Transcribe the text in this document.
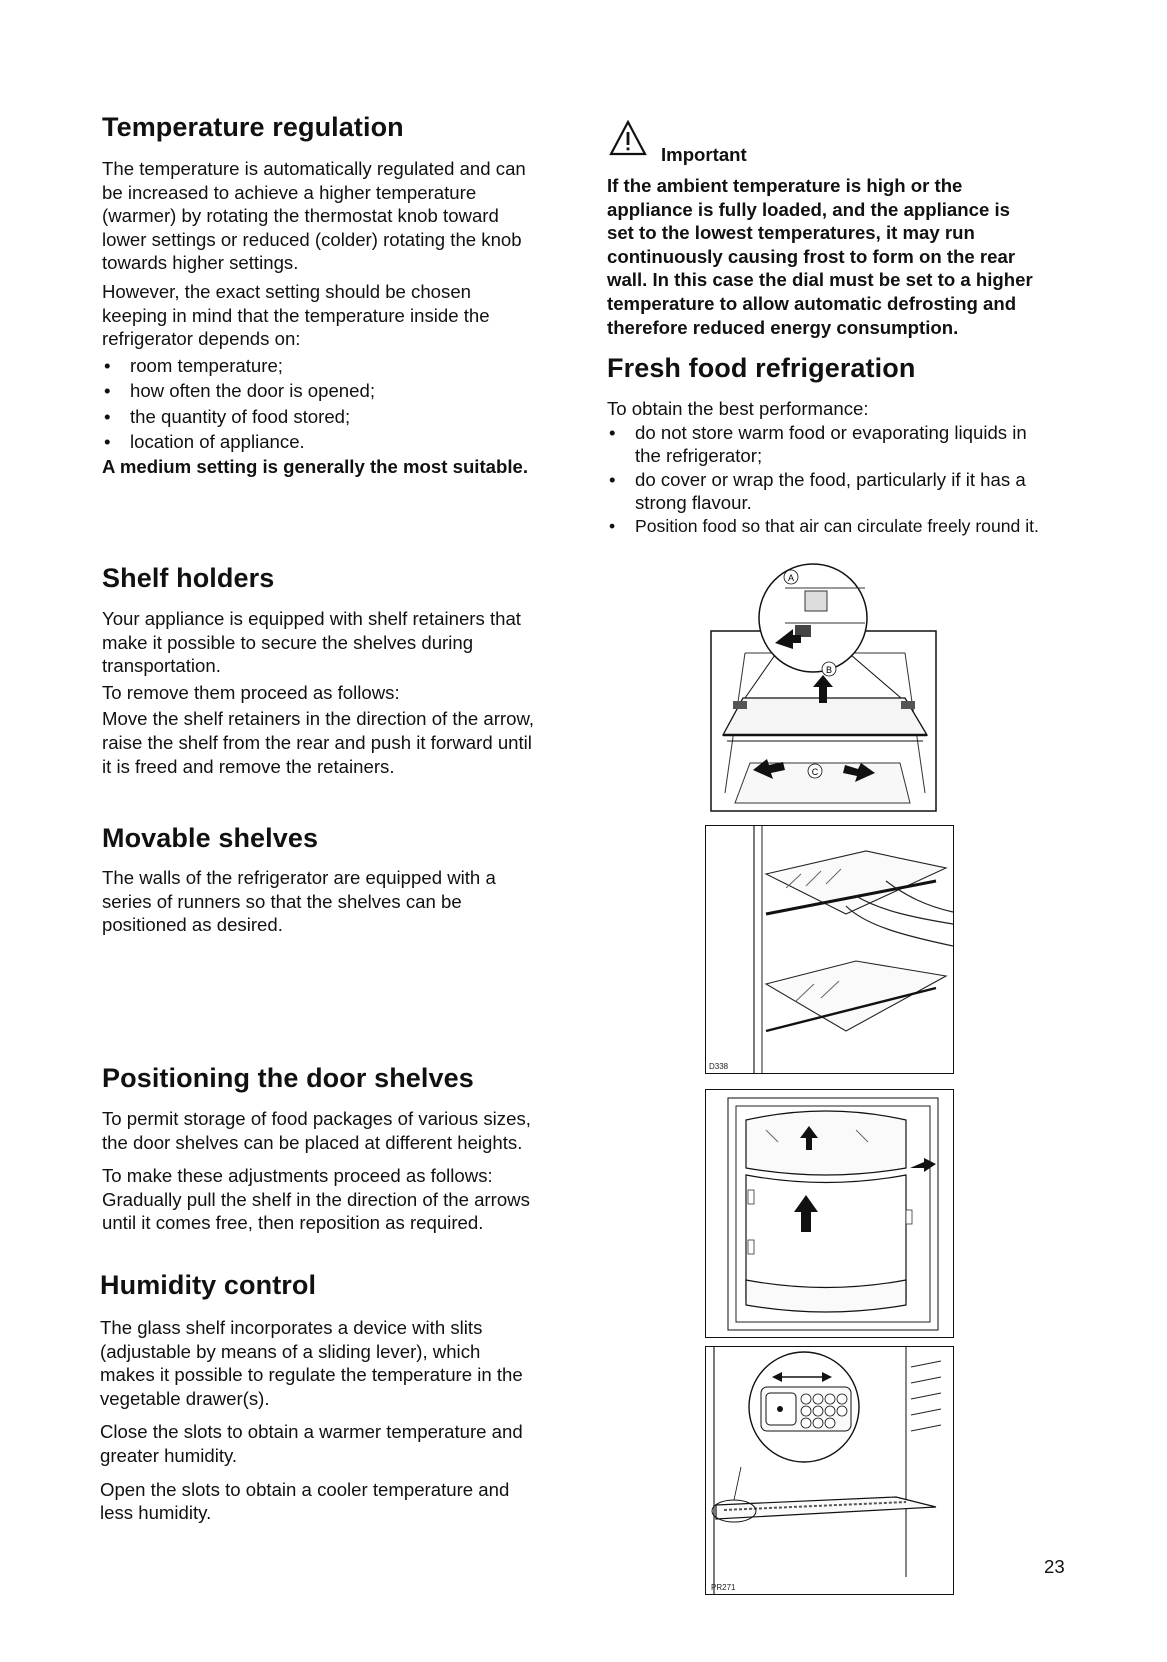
Temperature regulation

The temperature is automatically regulated and can
be increased to achieve a higher temperature
(warmer) by rotating the thermostat knob toward
lower settings or reduced (colder) rotating the knob
towards higher settings.

However, the exact setting should be chosen
keeping in mind that the temperature inside the
refrigerator depends on:

• room temperature;
• how often the door is opened;
• the quantity of food stored;
• location of appliance.

A medium setting is generally the most suitable.

Shelf holders

Your appliance is equipped with shelf retainers that
make it possible to secure the shelves during
transportation.

To remove them proceed as follows:

Move the shelf retainers in the direction of the arrow,
raise the shelf from the rear and push it forward until
it is freed and remove the retainers.

Movable shelves

The walls of the refrigerator are equipped with a
series of runners so that the shelves can be
positioned as desired.

Positioning the door shelves

To permit storage of food packages of various sizes,
the door shelves can be placed at different heights.

To make these adjustments proceed as follows:
Gradually pull the shelf in the direction of the arrows
until it comes free, then reposition as required.

Humidity control

The glass shelf incorporates a device with slits
(adjustable by means of a sliding lever), which
makes it possible to regulate the temperature in the
vegetable drawer(s).

Close the slots to obtain a warmer temperature and
greater humidity.

Open the slots to obtain a cooler temperature and
less humidity.

Important

If the ambient temperature is high or the
appliance is fully loaded, and the appliance is
set to the lowest temperatures, it may run
continuously causing frost to form on the rear
wall. In this case the dial must be set to a higher
temperature to allow automatic defrosting and
therefore reduced energy consumption.

Fresh food refrigeration

To obtain the best performance:

• do not store warm food or evaporating liquids in
the refrigerator;
• do cover or wrap the food, particularly if it has a
strong flavour.
• Position food so that air can circulate freely round it.
A
B
C
D338
PR271
23
